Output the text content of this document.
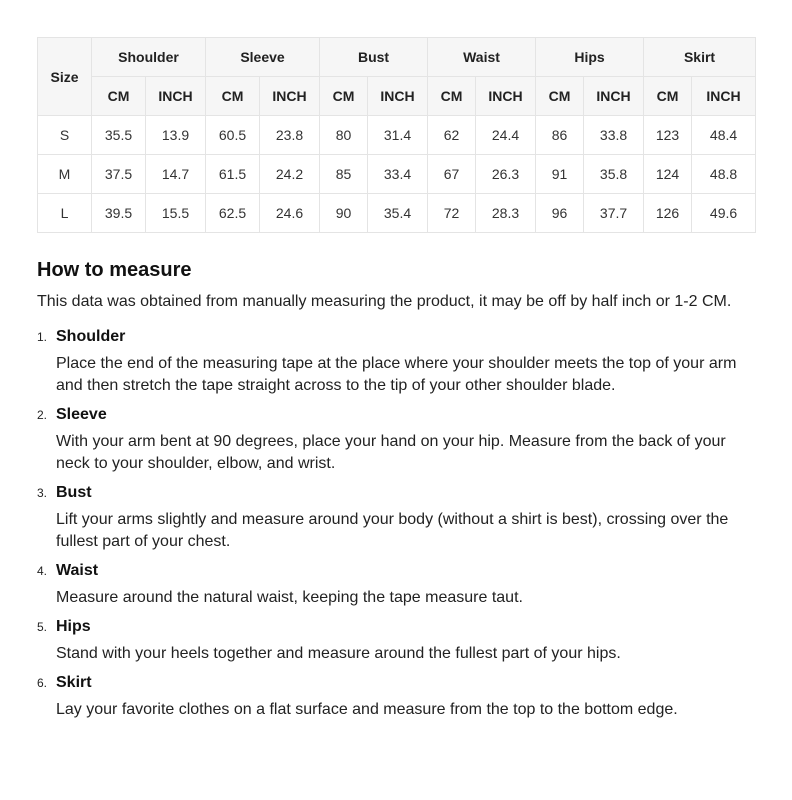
Size	Shoulder		Sleeve		Bust		Waist		Hips		Skirt	
	CM	INCH	CM	INCH	CM	INCH	CM	INCH	CM	INCH	CM	INCH
S	35.5	13.9	60.5	23.8	80	31.4	62	24.4	86	33.8	123	48.4
M	37.5	14.7	61.5	24.2	85	33.4	67	26.3	91	35.8	124	48.8
L	39.5	15.5	62.5	24.6	90	35.4	72	28.3	96	37.7	126	49.6
How to measure

This data was obtained from manually measuring the product, it may be off by half inch or 1-2 CM.

1. Shoulder
Place the end of the measuring tape at the place where your shoulder meets the top of your arm and then stretch the tape straight across to the tip of your other shoulder blade.
2. Sleeve
With your arm bent at 90 degrees, place your hand on your hip. Measure from the back of your neck to your shoulder, elbow, and wrist.
3. Bust
Lift your arms slightly and measure around your body (without a shirt is best), crossing over the fullest part of your chest.
4. Waist
Measure around the natural waist, keeping the tape measure taut.
5. Hips
Stand with your heels together and measure around the fullest part of your hips.
6. Skirt
Lay your favorite clothes on a flat surface and measure from the top to the bottom edge.
